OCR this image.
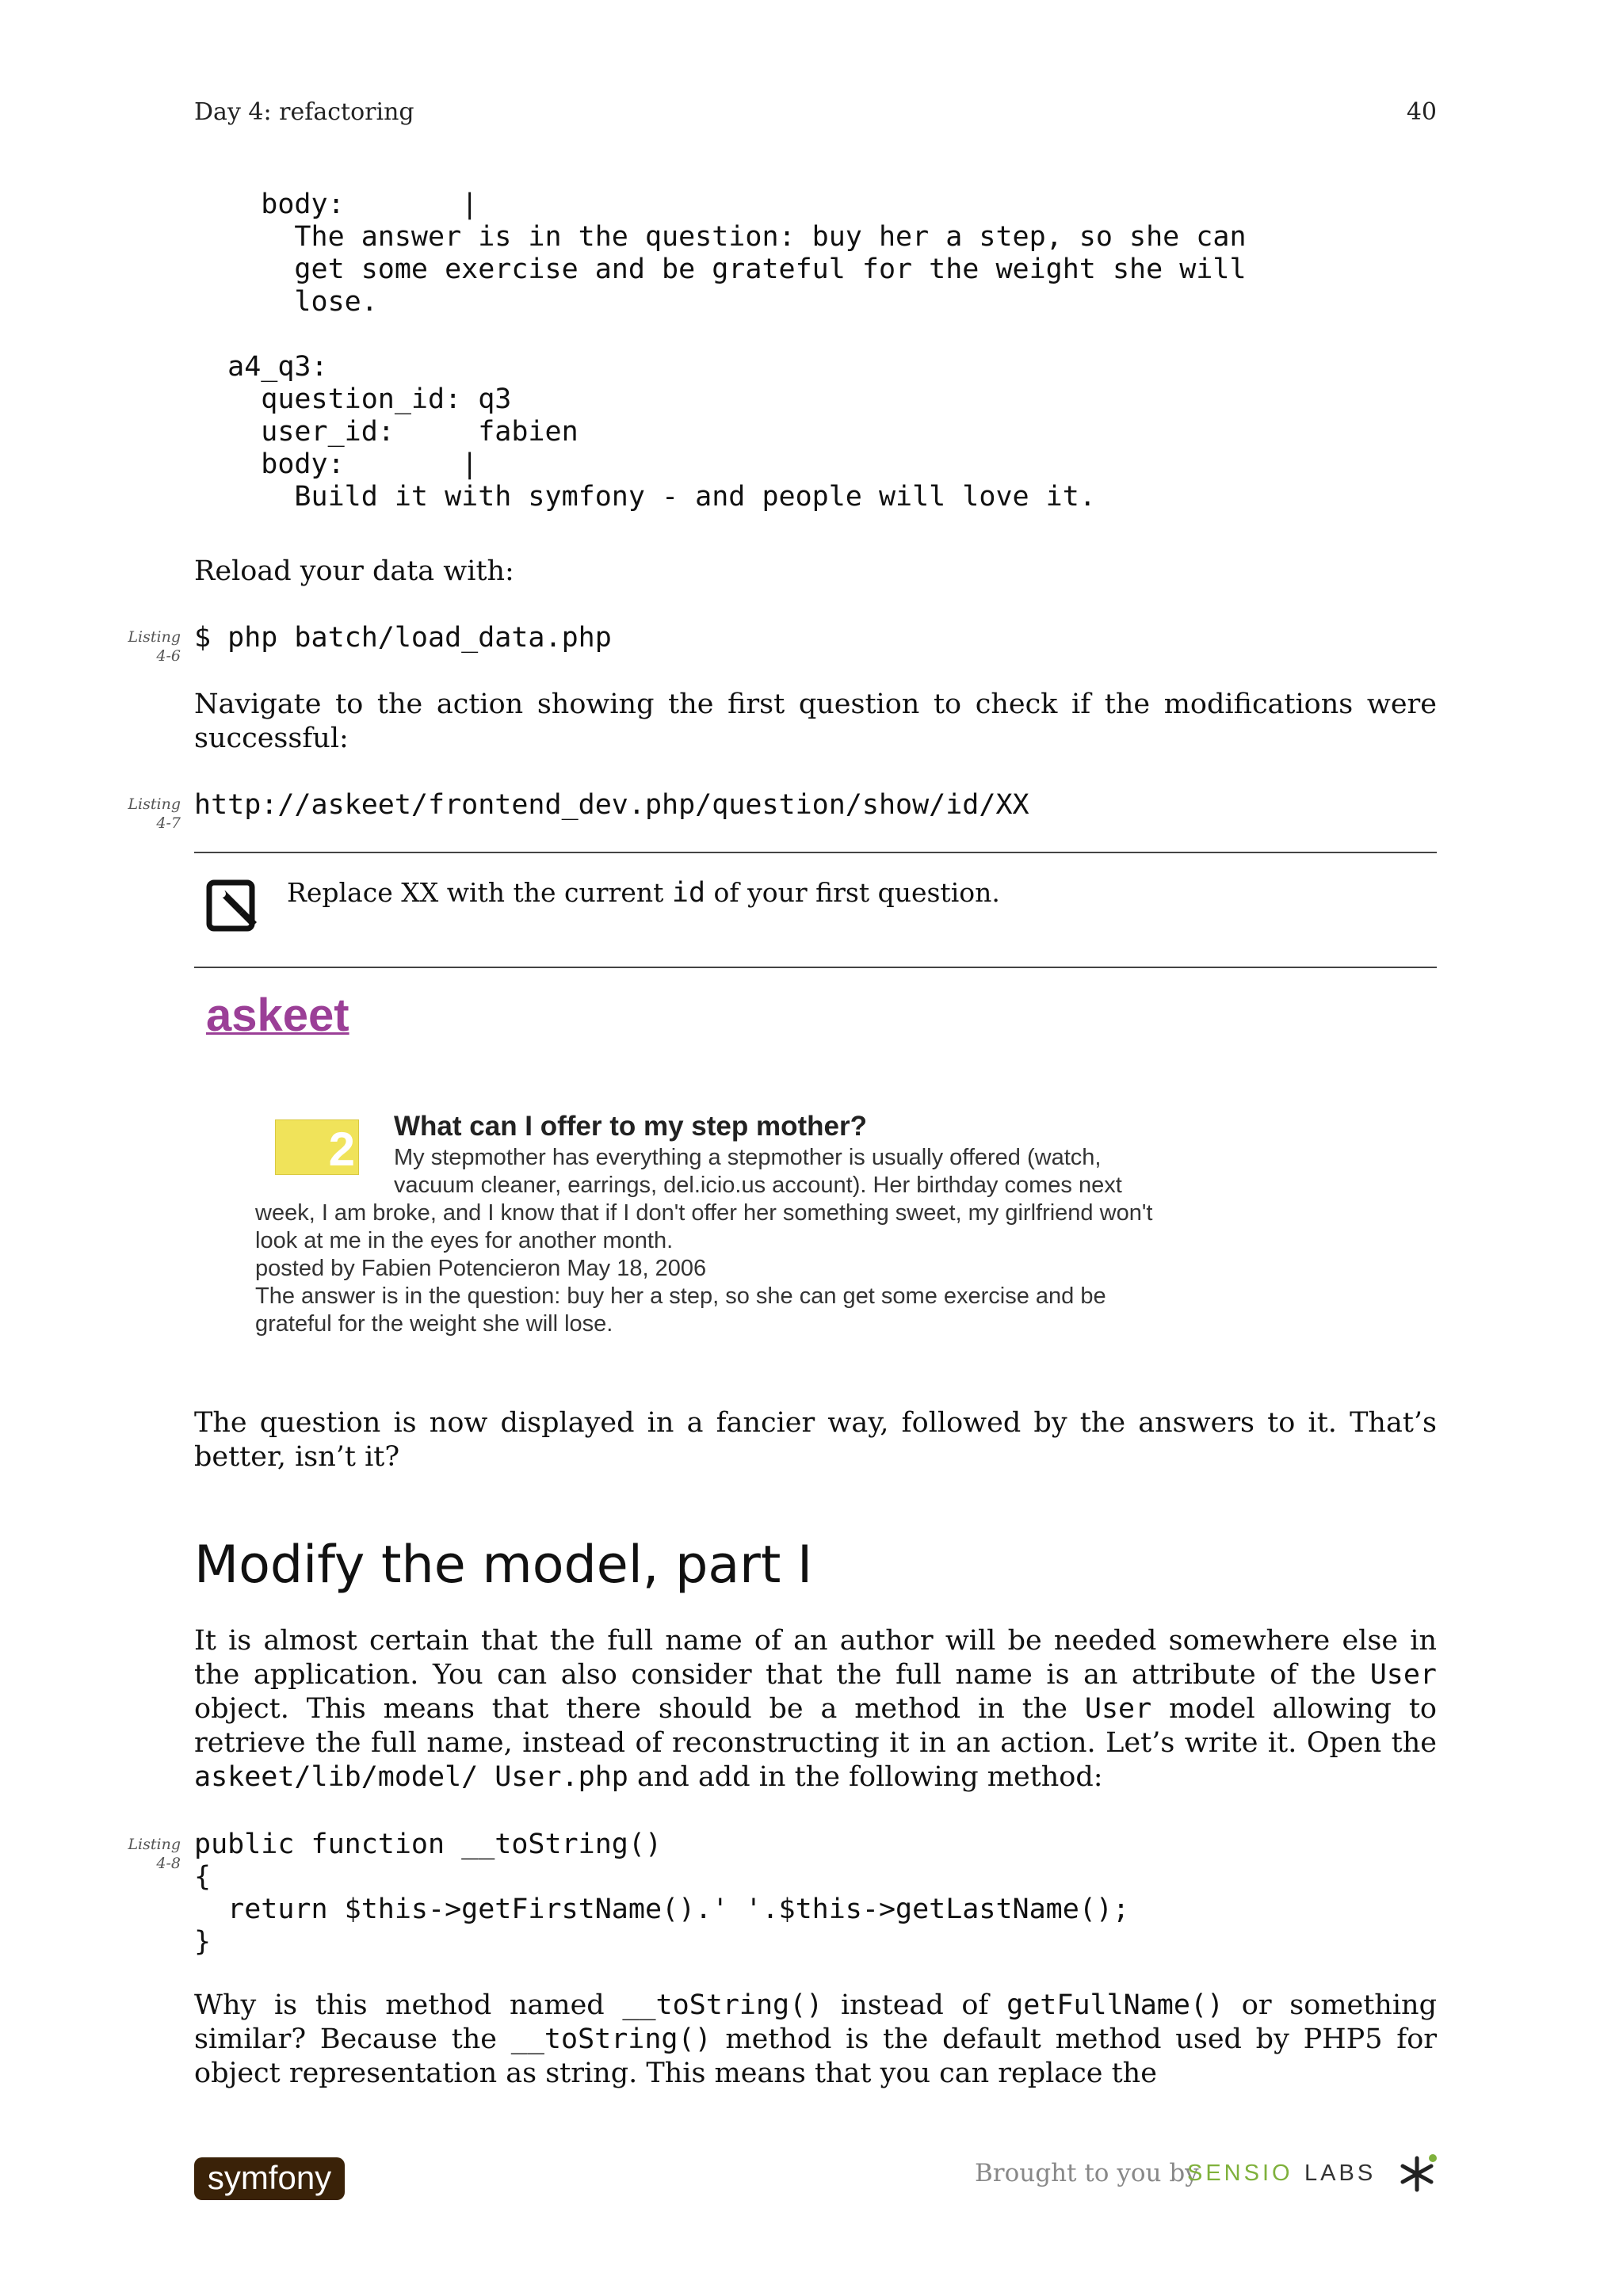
Day 4: refactoring	40
body:       |
The answer is in the question: buy her a step, so she can
get some exercise and be grateful for the weight she will
lose.

a4_q3:
question_id: q3
user_id:     fabien
body:       |
Build it with symfony - and people will love it.
Reload your data with:
Listing
4-6
$ php batch/load_data.php
Navigate to the action showing the first question to check if the modifications were successful:
Listing
4-7
http://askeet/frontend_dev.php/question/show/id/XX
Replace XX with the current id of your first question.
askeet
2 What can I offer to my step mother?
My stepmother has everything a stepmother is usually offered (watch,
vacuum cleaner, earrings, del.icio.us account). Her birthday comes next
week, I am broke, and I know that if I don't offer her something sweet, my girlfriend won't
look at me in the eyes for another month.
posted by Fabien Potencieron May 18, 2006
The answer is in the question: buy her a step, so she can get some exercise and be
grateful for the weight she will lose.
The question is now displayed in a fancier way, followed by the answers to it. That’s better, isn’t it?
Modify the model, part I
It is almost certain that the full name of an author will be needed somewhere else in the application. You can also consider that the full name is an attribute of the User object. This means that there should be a method in the User model allowing to retrieve the full name, instead of reconstructing it in an action. Let’s write it. Open the askeet/lib/model/ User.php and add in the following method:
Listing
4-8
public function __toString()
{
return $this->getFirstName().' '.$this->getLastName();
}
Why is this method named __toString() instead of getFullName() or something similar? Because the __toString() method is the default method used by PHP5 for object representation as string. This means that you can replace the
symfony	Brought to you by
SENSIO LABS
